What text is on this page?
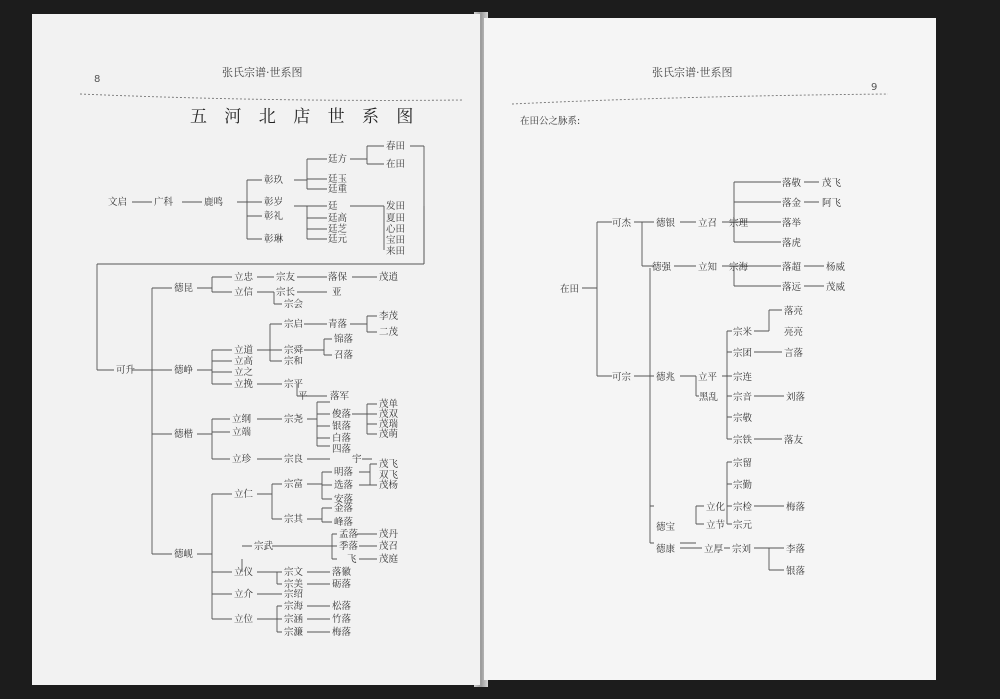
8
张氏宗谱·世系图
五 河 北 店 世 系 图
文启	广科	鹿鸣
彰玖
彰岁
彰礼
彰琳
廷方
廷玉
廷重
廷
廷高
廷芝
廷元
春田
在田
发田
夏田
心田
宝田
来田
可升
德昆
德峥
德楷
德岘
立忠
立信
宗友
宗长
宗会
落保
亚
茂逍
宗启	青落
李茂
二茂
立道
立高
立之
立挽
宗舜
宗和
锦落
召落
宗平
平 落军
立纲
立端
宗尧	俊落
银落
白落
四落
茂单
茂双
茂瑞
茂萌
立珍	宗良	宇
立仁
宗富
明落
选落
安落
茂飞
双飞
茂杨
宗其
金落
峰落
宗武
孟落
季落
飞
茂丹
茂召
茂庭
立仪	宗文
宗美
落徽
砺落
立介	宗绍
立位
宗海
宗涵
宗濂
松落
竹落
梅落
张氏宗谱·世系图
9
在田公之脉系:
在田
可杰
可宗
德银
德强
德兆
德宝
德康
立召 宗理
立知 宗海
落敬
落金
落举
落虎
茂飞
阿飞
落超
落远
杨威
茂威
立平
黑乱
宗米
宗团
宗连
宗音
宗敬
宗铁
落亮
亮亮
言落
刘落
落友
立化
立节
宗留
宗勤
宗检
宗元
梅落
立厚 宗刘	李落
银落
